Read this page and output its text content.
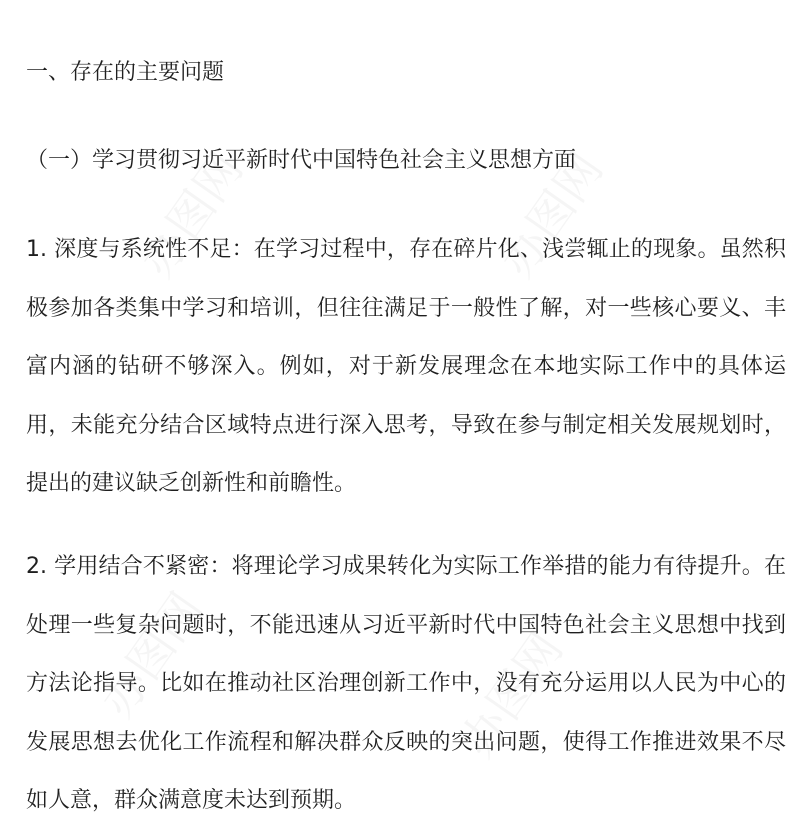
办图网	办图网
办图网	办图网
一、存在的主要问题
（一）学习贯彻习近平新时代中国特色社会主义思想方面

1. 深度与系统性不足：在学习过程中，存在碎片化、浅尝辄止的现象。虽然积极参加各类集中学习和培训，但往往满足于一般性了解，对一些核心要义、丰富内涵的钻研不够深入。例如，对于新发展理念在本地实际工作中的具体运用，未能充分结合区域特点进行深入思考，导致在参与制定相关发展规划时，提出的建议缺乏创新性和前瞻性。

2. 学用结合不紧密：将理论学习成果转化为实际工作举措的能力有待提升。在处理一些复杂问题时，不能迅速从习近平新时代中国特色社会主义思想中找到方法论指导。比如在推动社区治理创新工作中，没有充分运用以人民为中心的发展思想去优化工作流程和解决群众反映的突出问题，使得工作推进效果不尽如人意，群众满意度未达到预期。
